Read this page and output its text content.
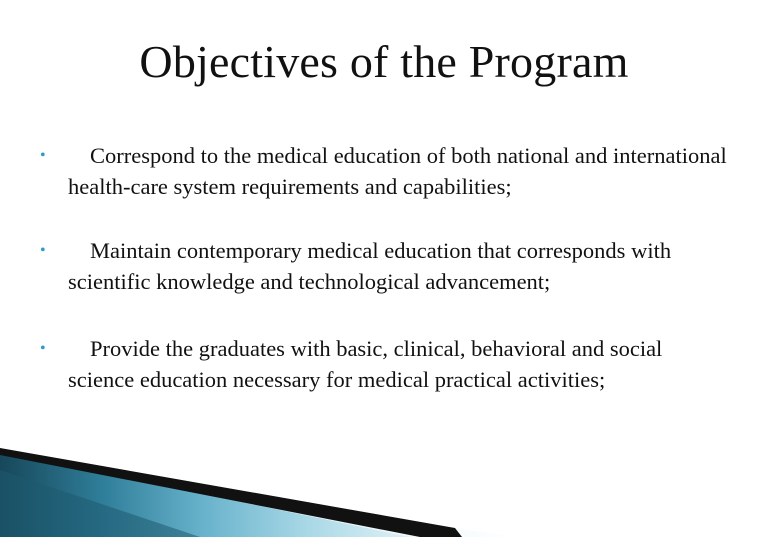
Objectives of the Program
•	Correspond to the medical education of both national and international health-care system requirements and capabilities;
•	Maintain contemporary medical education that corresponds with scientific knowledge and technological advancement;
•	Provide the graduates with basic, clinical, behavioral and social science education necessary for medical practical activities;
